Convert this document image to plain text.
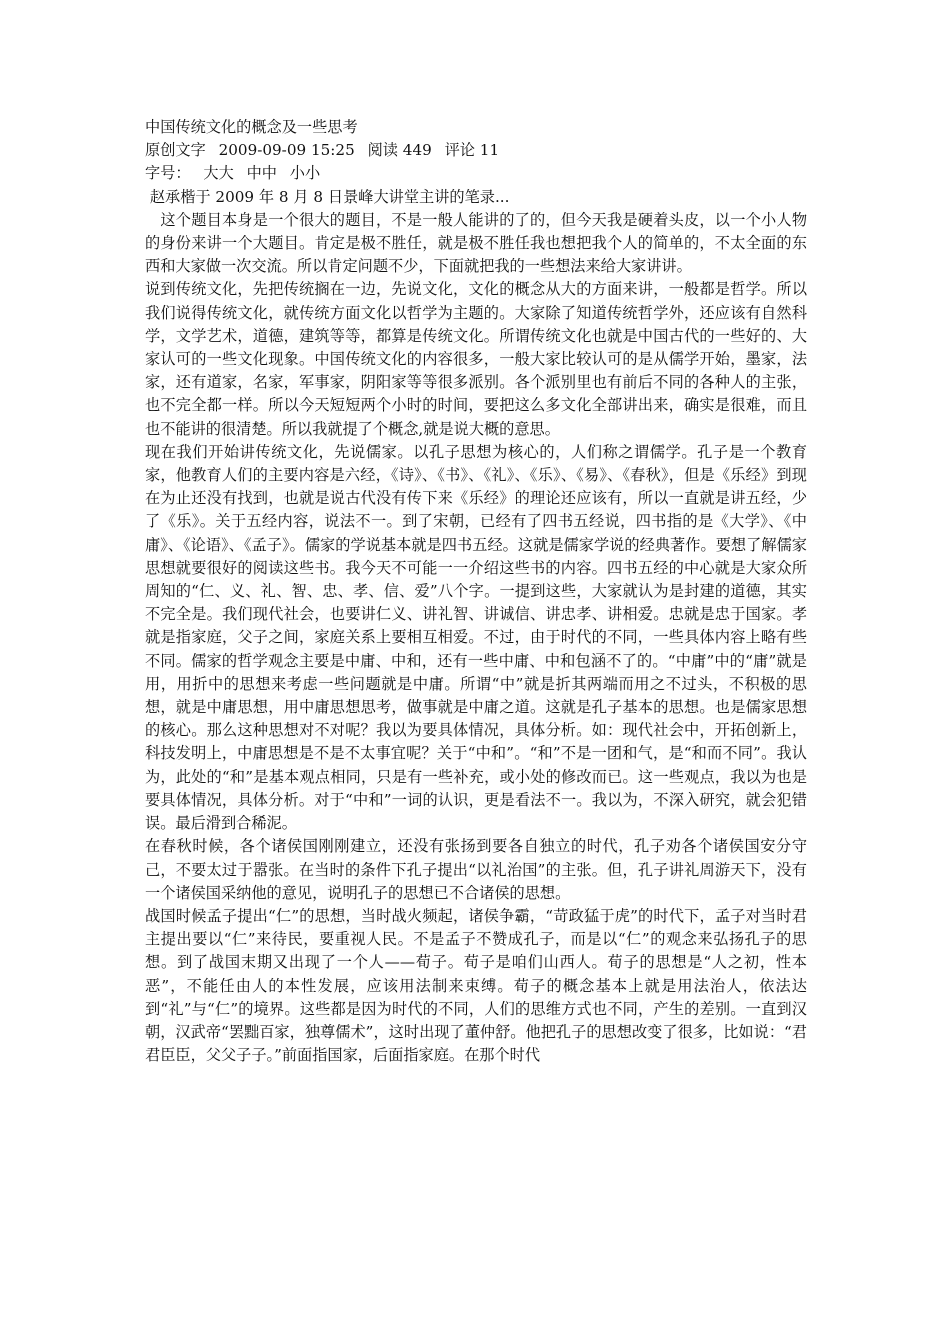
中国传统文化的概念及一些思考
原创文字 2009-09-09 15:25 阅读 449 评论 11
字号： 大大 中中 小小
赵承楷于 2009 年 8 月 8 日景峰大讲堂主讲的笔录...

　这个题目本身是一个很大的题目，不是一般人能讲的了的，但今天我是硬着头皮，以一个小人物的身份来讲一个大题目。肯定是极不胜任，就是极不胜任我也想把我个人的简单的，不太全面的东西和大家做一次交流。所以肯定问题不少，下面就把我的一些想法来给大家讲讲。

说到传统文化，先把传统搁在一边，先说文化，文化的概念从大的方面来讲，一般都是哲学。所以我们说得传统文化，就传统方面文化以哲学为主题的。大家除了知道传统哲学外，还应该有自然科学，文学艺术，道德，建筑等等，都算是传统文化。所谓传统文化也就是中国古代的一些好的、大家认可的一些文化现象。中国传统文化的内容很多，一般大家比较认可的是从儒学开始，墨家，法家，还有道家，名家，军事家，阴阳家等等很多派别。各个派别里也有前后不同的各种人的主张，也不完全都一样。所以今天短短两个小时的时间，要把这么多文化全部讲出来，确实是很难，而且也不能讲的很清楚。所以我就提了个概念,就是说大概的意思。

现在我们开始讲传统文化，先说儒家。以孔子思想为核心的，人们称之谓儒学。孔子是一个教育家，他教育人们的主要内容是六经，《诗》、《书》、《礼》、《乐》、《易》、《春秋》，但是《乐经》到现在为止还没有找到，也就是说古代没有传下来《乐经》的理论还应该有，所以一直就是讲五经，少了《乐》。关于五经内容，说法不一。到了宋朝，已经有了四书五经说，四书指的是《大学》、《中庸》、《论语》、《孟子》。儒家的学说基本就是四书五经。这就是儒家学说的经典著作。要想了解儒家思想就要很好的阅读这些书。我今天不可能一一介绍这些书的内容。四书五经的中心就是大家众所周知的“仁、义、礼、智、忠、孝、信、爱”八个字。一提到这些，大家就认为是封建的道德，其实不完全是。我们现代社会，也要讲仁义、讲礼智、讲诚信、讲忠孝、讲相爱。忠就是忠于国家。孝就是指家庭，父子之间，家庭关系上要相互相爱。不过，由于时代的不同，一些具体内容上略有些不同。儒家的哲学观念主要是中庸、中和，还有一些中庸、中和包涵不了的。“中庸”中的“庸”就是用，用折中的思想来考虑一些问题就是中庸。所谓“中”就是折其两端而用之不过头，不积极的思想，就是中庸思想，用中庸思想思考，做事就是中庸之道。这就是孔子基本的思想。也是儒家思想的核心。那么这种思想对不对呢？我以为要具体情况，具体分析。如：现代社会中，开拓创新上，科技发明上，中庸思想是不是不太事宜呢？关于“中和”。“和”不是一团和气，是“和而不同”。我认为，此处的“和”是基本观点相同，只是有一些补充，或小处的修改而已。这一些观点，我以为也是要具体情况，具体分析。对于“中和”一词的认识，更是看法不一。我以为，不深入研究，就会犯错误。最后滑到合稀泥。

在春秋时候，各个诸侯国刚刚建立，还没有张扬到要各自独立的时代，孔子劝各个诸侯国安分守己，不要太过于嚣张。在当时的条件下孔子提出“以礼治国”的主张。但，孔子讲礼周游天下，没有一个诸侯国采纳他的意见，说明孔子的思想已不合诸侯的思想。

战国时候孟子提出“仁”的思想，当时战火频起，诸侯争霸，“苛政猛于虎”的时代下，孟子对当时君主提出要以“仁”来待民，要重视人民。不是孟子不赞成孔子，而是以“仁”的观念来弘扬孔子的思想。到了战国末期又出现了一个人——荀子。荀子是咱们山西人。荀子的思想是“人之初，性本恶”，不能任由人的本性发展，应该用法制来束缚。荀子的概念基本上就是用法治人，依法达到“礼”与“仁”的境界。这些都是因为时代的不同，人们的思维方式也不同，产生的差别。一直到汉朝，汉武帝“罢黜百家，独尊儒术”，这时出现了董仲舒。他把孔子的思想改变了很多，比如说：“君君臣臣，父父子子。”前面指国家，后面指家庭。在那个时代
